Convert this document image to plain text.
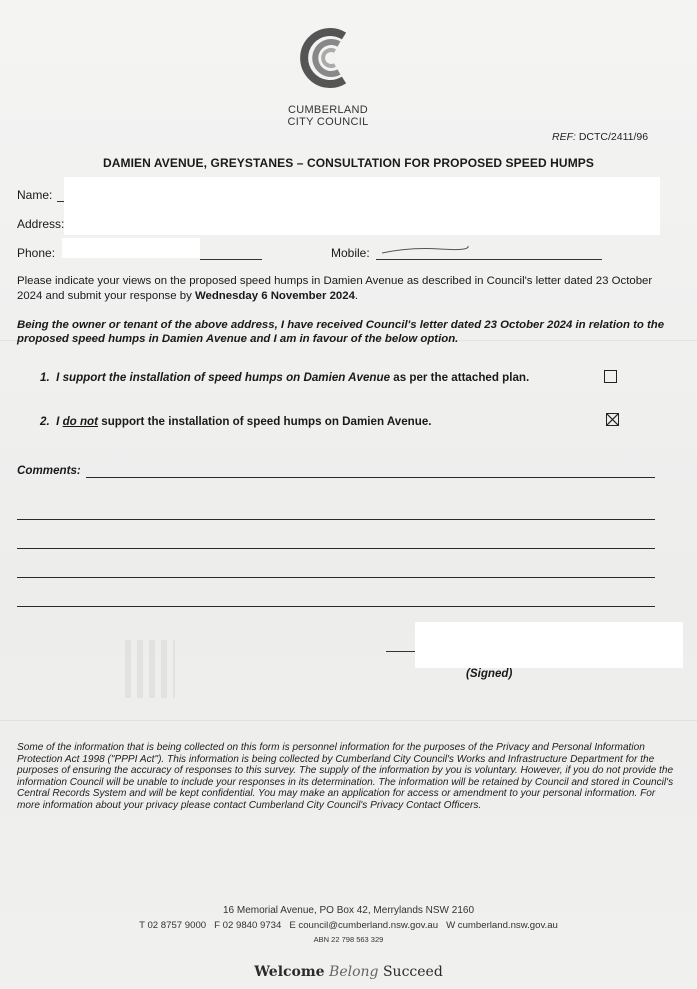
CUMBERLAND
CITY COUNCIL
REF: DCTC/2411/96
DAMIEN AVENUE, GREYSTANES – CONSULTATION FOR PROPOSED SPEED HUMPS
Name:
Address:
Phone:	Mobile:
Please indicate your views on the proposed speed humps in Damien Avenue as described in Council's letter dated 23 October 2024 and submit your response by Wednesday 6 November 2024.
Being the owner or tenant of the above address, I have received Council's letter dated 23 October 2024 in relation to the proposed speed humps in Damien Avenue and I am in favour of the below option.
1. I support the installation of speed humps on Damien Avenue as per the attached plan.
2. I do not support the installation of speed humps on Damien Avenue.
Comments:
(Signed)
Some of the information that is being collected on this form is personnel information for the purposes of the Privacy and Personal Information Protection Act 1998 ("PPPI Act"). This information is being collected by Cumberland City Council's Works and Infrastructure Department for the purposes of ensuring the accuracy of responses to this survey. The supply of the information by you is voluntary. However, if you do not provide the information Council will be unable to include your responses in its determination. The information will be retained by Council and stored in Council's Central Records System and will be kept confidential. You may make an application for access or amendment to your personal information. For more information about your privacy please contact Cumberland City Council's Privacy Contact Officers.
16 Memorial Avenue, PO Box 42, Merrylands NSW 2160
T 02 8757 9000   F 02 9840 9734   E council@cumberland.nsw.gov.au   W cumberland.nsw.gov.au
ABN 22 798 563 329
Welcome Belong Succeed
